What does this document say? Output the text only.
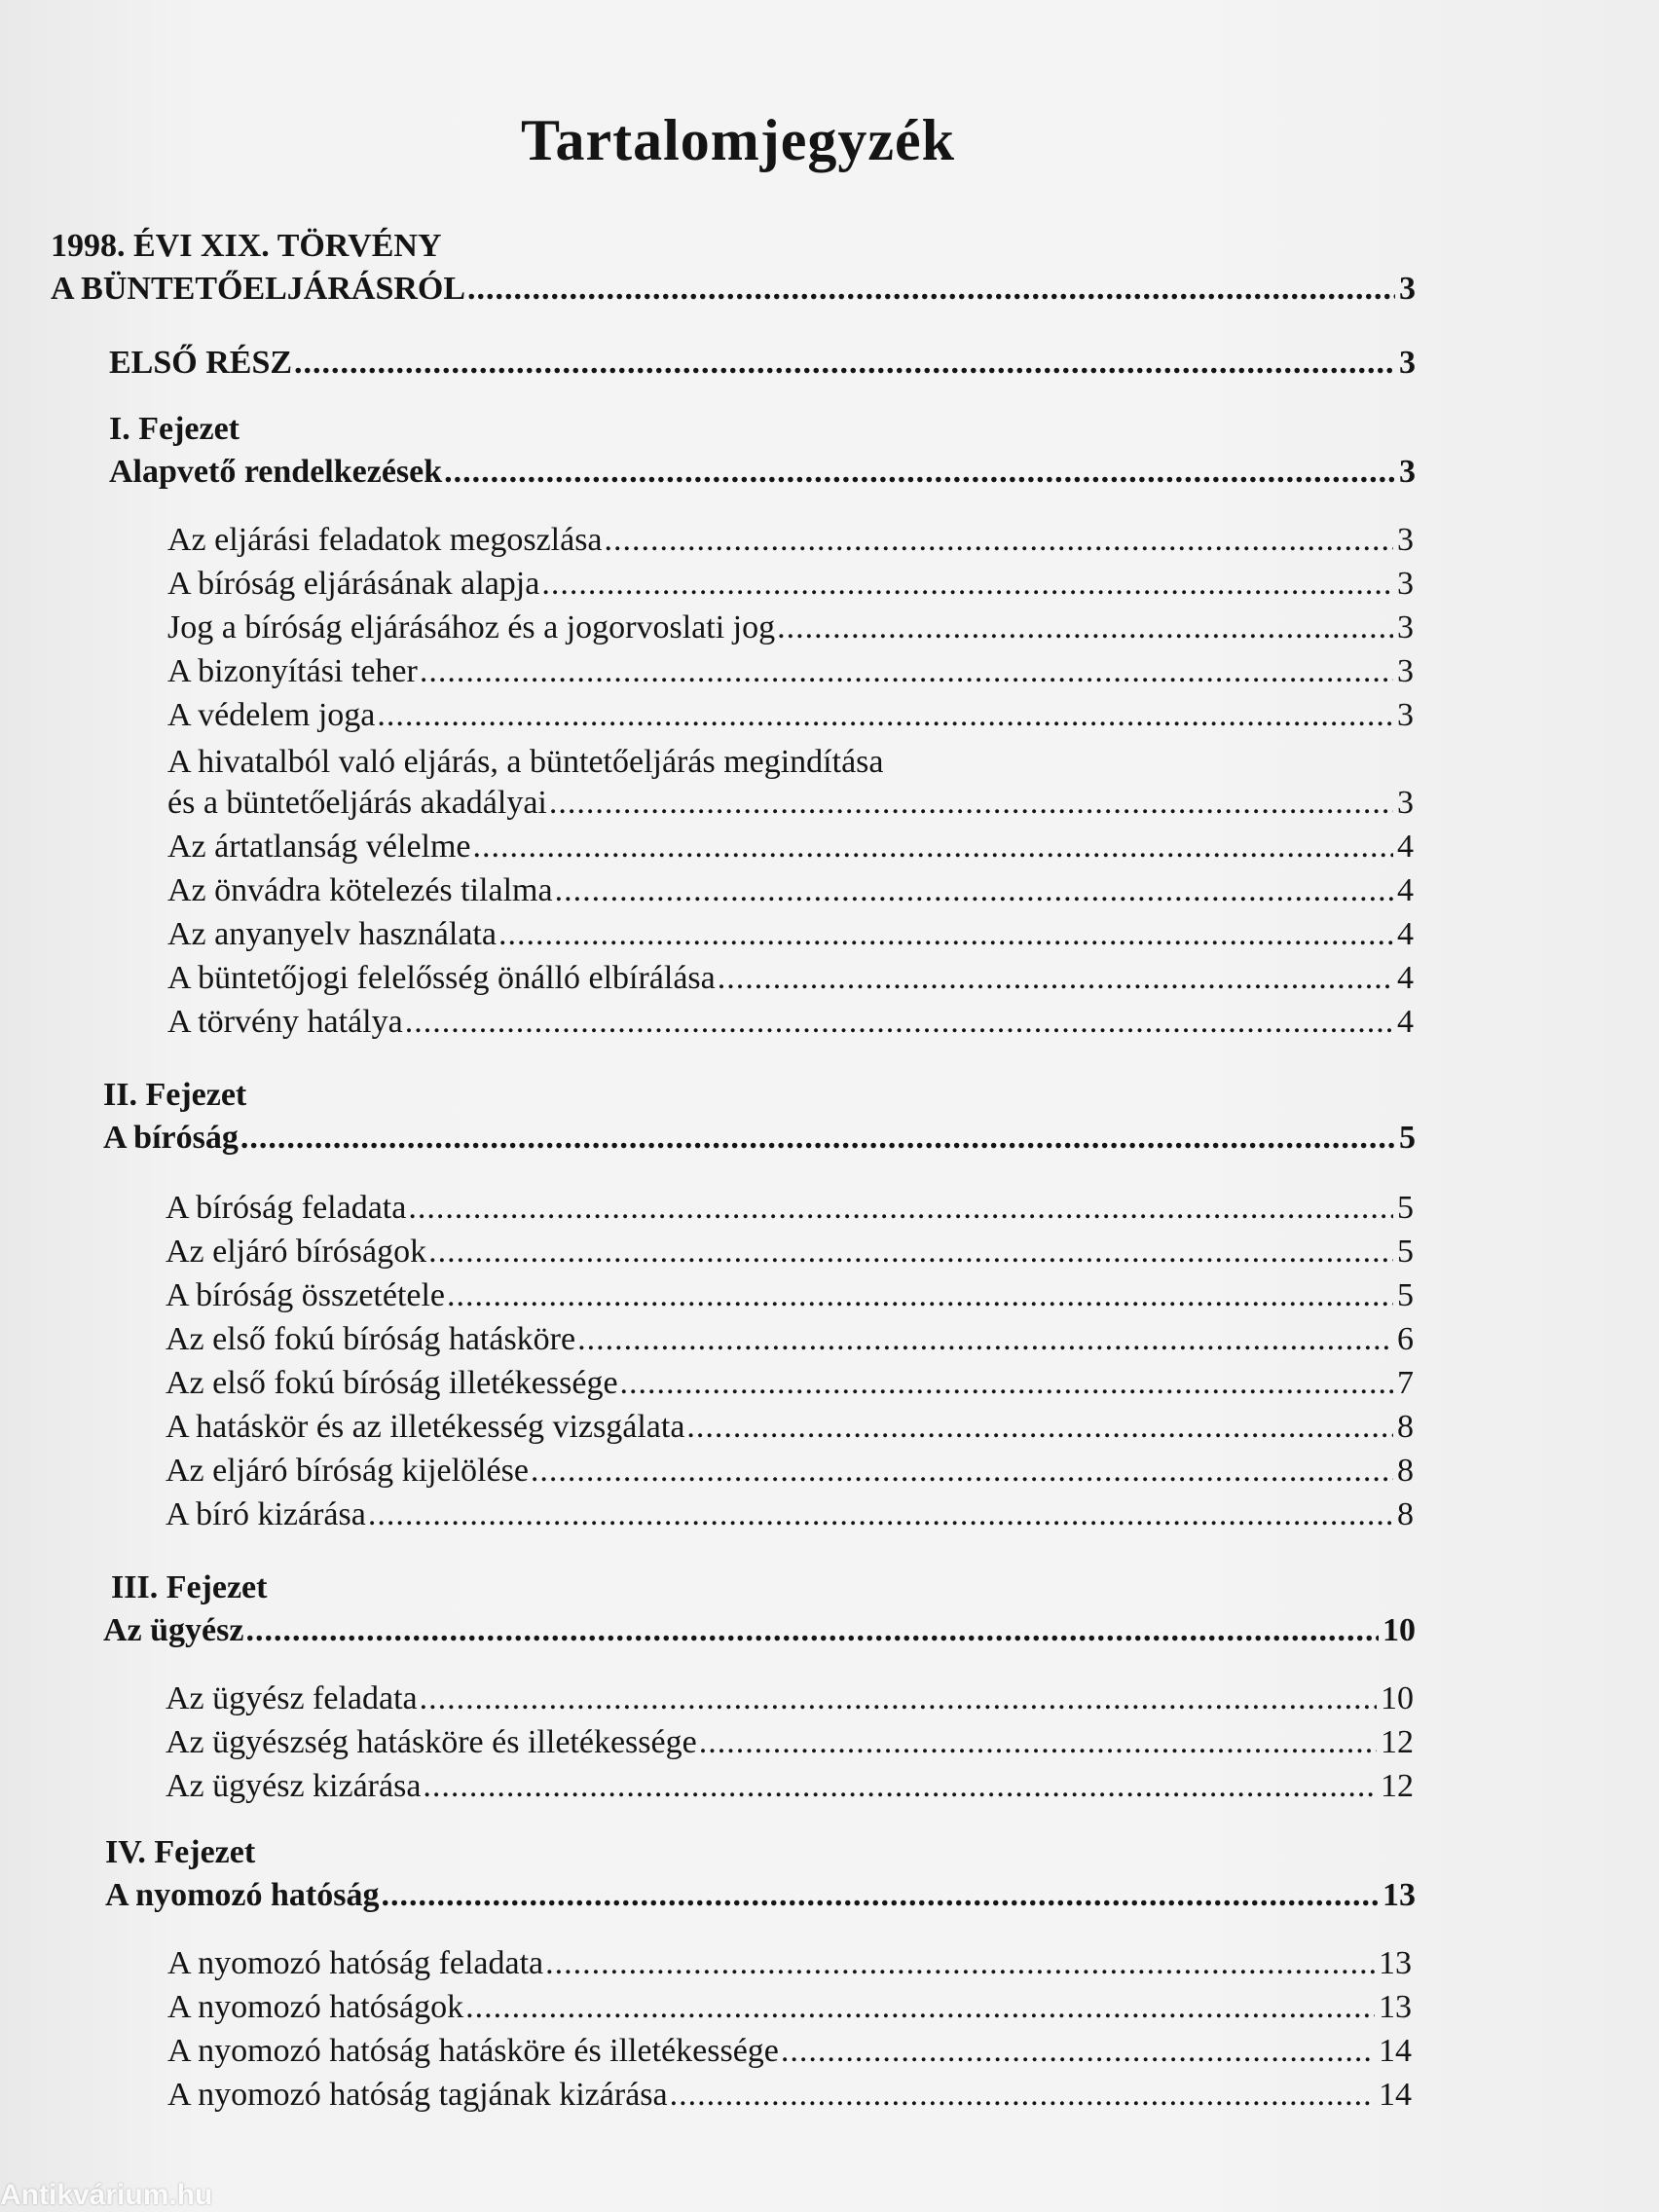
Tartalomjegyzék
1998. ÉVI XIX. TÖRVÉNY
A BÜNTETŐELJÁRÁSRÓL .....	3
ELSŐ RÉSZ .....	3
I. Fejezet
Alapvető rendelkezések .....	3
Az eljárási feladatok megoszlása .....	3
A bíróság eljárásának alapja .....	3
Jog a bíróság eljárásához és a jogorvoslati jog .....	3
A bizonyítási teher .....	3
A védelem joga .....	3
A hivatalból való eljárás, a büntetőeljárás megindítása
és a büntetőeljárás akadályai .....	3
Az ártatlanság vélelme .....	4
Az önvádra kötelezés tilalma .....	4
Az anyanyelv használata .....	4
A büntetőjogi felelősség önálló elbírálása .....	4
A törvény hatálya .....	4
II. Fejezet
A bíróság .....	5
A bíróság feladata .....	5
Az eljáró bíróságok .....	5
A bíróság összetétele .....	5
Az első fokú bíróság hatásköre .....	6
Az első fokú bíróság illetékessége .....	7
A hatáskör és az illetékesség vizsgálata .....	8
Az eljáró bíróság kijelölése .....	8
A bíró kizárása .....	8
III. Fejezet
Az ügyész .....	10
Az ügyész feladata .....	10
Az ügyészség hatásköre és illetékessége .....	12
Az ügyész kizárása .....	12
IV. Fejezet
A nyomozó hatóság .....	13
A nyomozó hatóság feladata .....	13
A nyomozó hatóságok .....	13
A nyomozó hatóság hatásköre és illetékessége .....	14
A nyomozó hatóság tagjának kizárása .....	14
Antikvárium.hu
